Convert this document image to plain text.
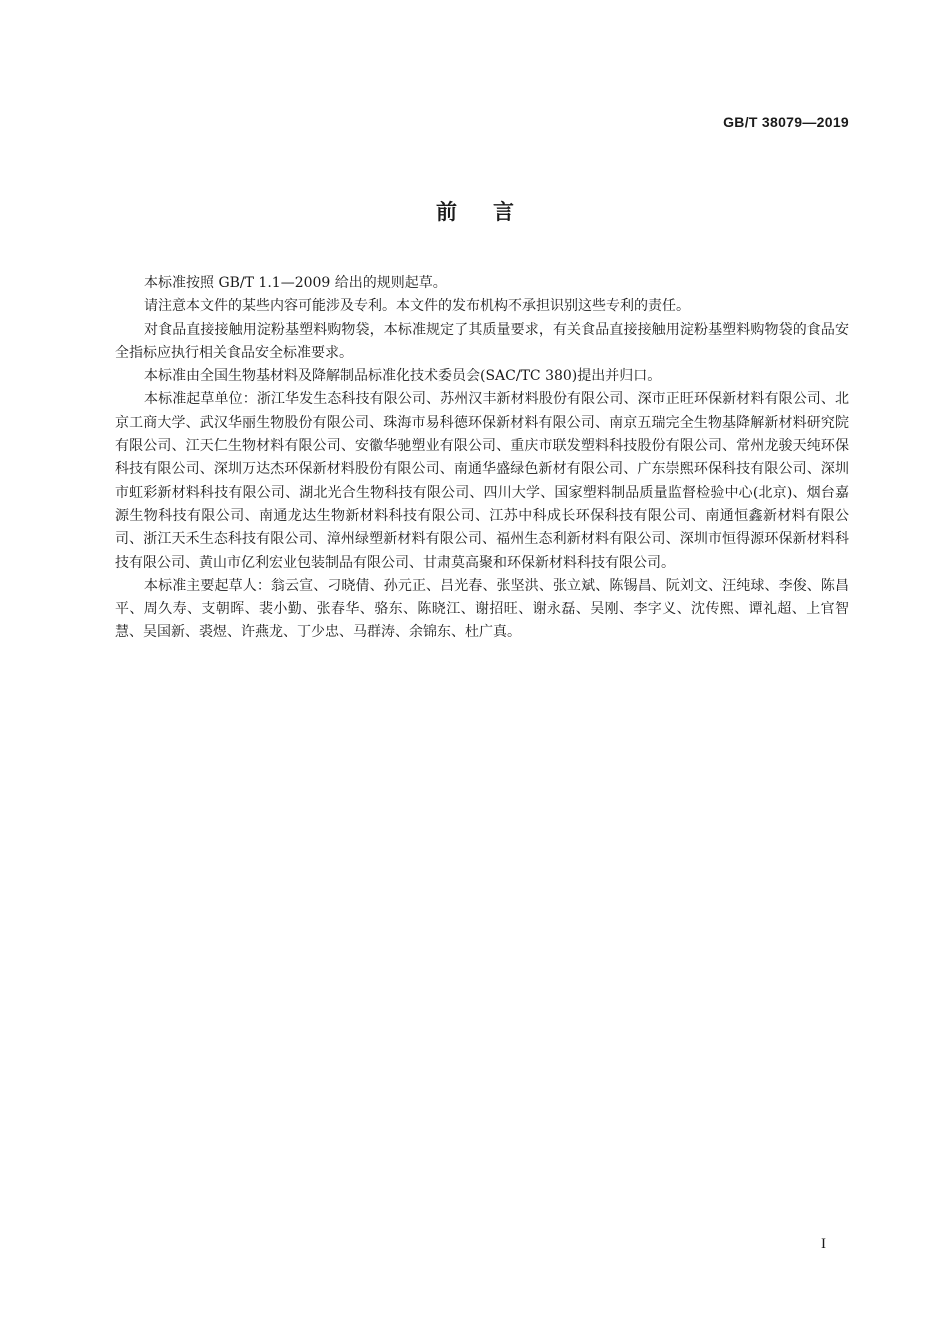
GB/T 38079—2019
前言

本标准按照 GB/T 1.1—2009 给出的规则起草。

请注意本文件的某些内容可能涉及专利。本文件的发布机构不承担识别这些专利的责任。

对食品直接接触用淀粉基塑料购物袋，本标准规定了其质量要求，有关食品直接接触用淀粉基塑料购物袋的食品安全指标应执行相关食品安全标准要求。

本标准由全国生物基材料及降解制品标准化技术委员会(SAC/TC 380)提出并归口。

本标准起草单位：浙江华发生态科技有限公司、苏州汉丰新材料股份有限公司、深市正旺环保新材料有限公司、北京工商大学、武汉华丽生物股份有限公司、珠海市易科德环保新材料有限公司、南京五瑞完全生物基降解新材料研究院有限公司、江天仁生物材料有限公司、安徽华驰塑业有限公司、重庆市联发塑料科技股份有限公司、常州龙骏天纯环保科技有限公司、深圳万达杰环保新材料股份有限公司、南通华盛绿色新材有限公司、广东崇熙环保科技有限公司、深圳市虹彩新材料科技有限公司、湖北光合生物科技有限公司、四川大学、国家塑料制品质量监督检验中心(北京)、烟台嘉源生物科技有限公司、南通龙达生物新材料科技有限公司、江苏中科成长环保科技有限公司、南通恒鑫新材料有限公司、浙江天禾生态科技有限公司、漳州绿塑新材料有限公司、福州生态利新材料有限公司、深圳市恒得源环保新材料科技有限公司、黄山市亿利宏业包装制品有限公司、甘肃莫高聚和环保新材料科技有限公司。

本标准主要起草人：翁云宣、刁晓倩、孙元正、吕光春、张坚洪、张立斌、陈锡昌、阮刘文、汪纯球、李俊、陈昌平、周久寿、支朝晖、裴小勤、张春华、骆东、陈晓江、谢招旺、谢永磊、吴刚、李字义、沈传熙、谭礼超、上官智慧、吴国新、裘煜、许燕龙、丁少忠、马群涛、余锦东、杜广真。

I
